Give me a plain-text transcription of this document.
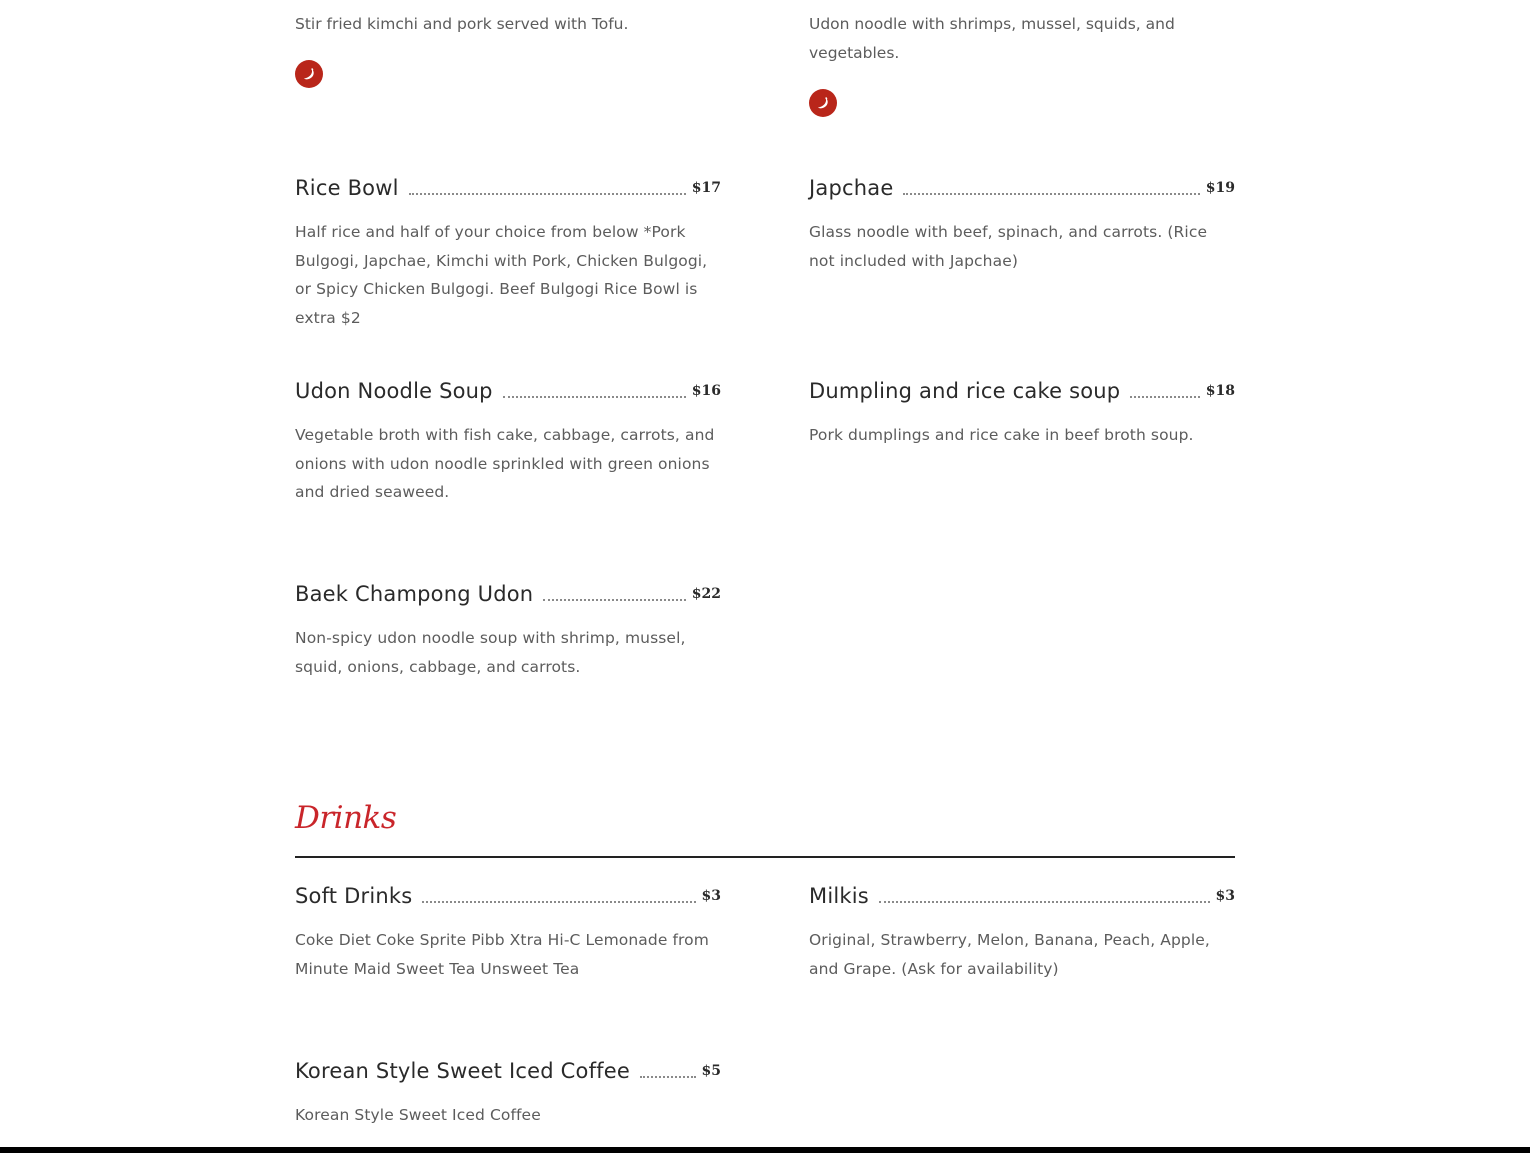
Stir fried kimchi and pork served with Tofu.	Udon noodle with shrimps, mussel, squids, and vegetables.
Rice Bowl	$17
Half rice and half of your choice from below *Pork Bulgogi, Japchae, Kimchi with Pork, Chicken Bulgogi, or Spicy Chicken Bulgogi. Beef Bulgogi Rice Bowl is extra $2
Japchae	$19
Glass noodle with beef, spinach, and carrots. (Rice not included with Japchae)
Udon Noodle Soup	$16
Vegetable broth with fish cake, cabbage, carrots, and onions with udon noodle sprinkled with green onions and dried seaweed.
Dumpling and rice cake soup	$18
Pork dumplings and rice cake in beef broth soup.
Baek Champong Udon	$22
Non-spicy udon noodle soup with shrimp, mussel, squid, onions, cabbage, and carrots.
Drinks
Soft Drinks	$3
Coke Diet Coke Sprite Pibb Xtra Hi-C Lemonade from Minute Maid Sweet Tea Unsweet Tea
Milkis	$3
Original, Strawberry, Melon, Banana, Peach, Apple, and Grape. (Ask for availability)
Korean Style Sweet Iced Coffee	$5
Korean Style Sweet Iced Coffee
